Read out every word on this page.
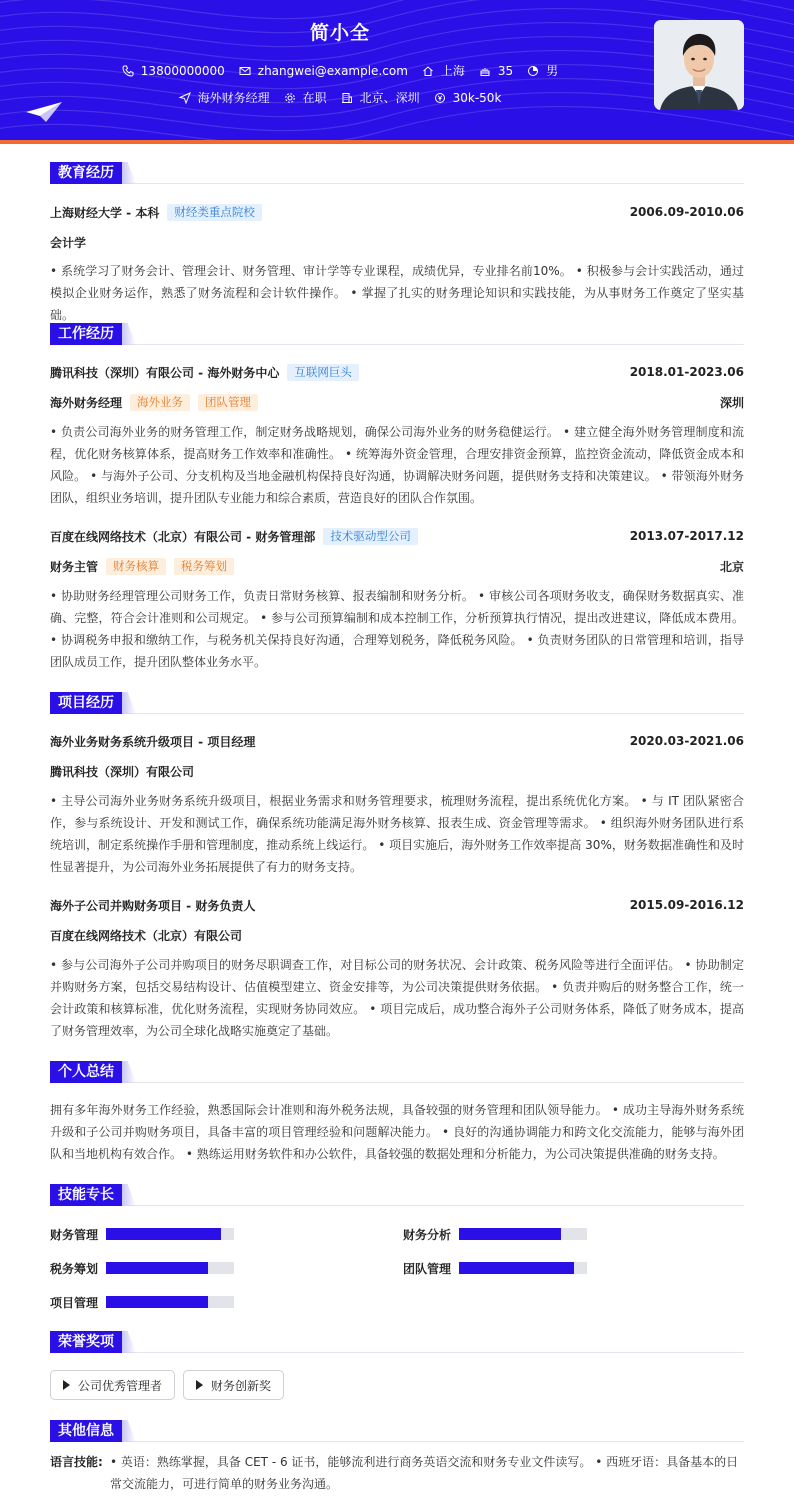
简小全
13800000000	zhangwei@example.com	上海	35	男
海外财务经理	在职	北京、深圳	30k-50k
教育经历
上海财经大学 - 本科	财经类重点院校	2006.09-2010.06
会计学
• 系统学习了财务会计、管理会计、财务管理、审计学等专业课程，成绩优异，专业排名前10%。 • 积极参与会计实践活动，通过模拟企业财务运作，熟悉了财务流程和会计软件操作。 • 掌握了扎实的财务理论知识和实践技能，为从事财务工作奠定了坚实基础。
工作经历
腾讯科技（深圳）有限公司 - 海外财务中心	互联网巨头	2018.01-2023.06
海外财务经理	海外业务	团队管理	深圳
• 负责公司海外业务的财务管理工作，制定财务战略规划，确保公司海外业务的财务稳健运行。 • 建立健全海外财务管理制度和流程，优化财务核算体系，提高财务工作效率和准确性。 • 统筹海外资金管理，合理安排资金预算，监控资金流动，降低资金成本和风险。 • 与海外子公司、分支机构及当地金融机构保持良好沟通，协调解决财务问题，提供财务支持和决策建议。 • 带领海外财务团队，组织业务培训，提升团队专业能力和综合素质，营造良好的团队合作氛围。
百度在线网络技术（北京）有限公司 - 财务管理部	技术驱动型公司	2013.07-2017.12
财务主管	财务核算	税务筹划	北京
• 协助财务经理管理公司财务工作，负责日常财务核算、报表编制和财务分析。 • 审核公司各项财务收支，确保财务数据真实、准确、完整，符合会计准则和公司规定。 • 参与公司预算编制和成本控制工作，分析预算执行情况，提出改进建议，降低成本费用。 • 协调税务申报和缴纳工作，与税务机关保持良好沟通，合理筹划税务，降低税务风险。 • 负责财务团队的日常管理和培训，指导团队成员工作，提升团队整体业务水平。
项目经历
海外业务财务系统升级项目 - 项目经理	2020.03-2021.06
腾讯科技（深圳）有限公司
• 主导公司海外业务财务系统升级项目，根据业务需求和财务管理要求，梳理财务流程，提出系统优化方案。 • 与 IT 团队紧密合作，参与系统设计、开发和测试工作，确保系统功能满足海外财务核算、报表生成、资金管理等需求。 • 组织海外财务团队进行系统培训，制定系统操作手册和管理制度，推动系统上线运行。 • 项目实施后，海外财务工作效率提高 30%，财务数据准确性和及时性显著提升，为公司海外业务拓展提供了有力的财务支持。
海外子公司并购财务项目 - 财务负责人	2015.09-2016.12
百度在线网络技术（北京）有限公司
• 参与公司海外子公司并购项目的财务尽职调查工作，对目标公司的财务状况、会计政策、税务风险等进行全面评估。 • 协助制定并购财务方案，包括交易结构设计、估值模型建立、资金安排等，为公司决策提供财务依据。 • 负责并购后的财务整合工作，统一会计政策和核算标准，优化财务流程，实现财务协同效应。 • 项目完成后，成功整合海外子公司财务体系，降低了财务成本，提高了财务管理效率，为公司全球化战略实施奠定了基础。
个人总结
拥有多年海外财务工作经验，熟悉国际会计准则和海外税务法规，具备较强的财务管理和团队领导能力。 • 成功主导海外财务系统升级和子公司并购财务项目，具备丰富的项目管理经验和问题解决能力。 • 良好的沟通协调能力和跨文化交流能力，能够与海外团队和当地机构有效合作。 • 熟练运用财务软件和办公软件，具备较强的数据处理和分析能力，为公司决策提供准确的财务支持。
技能专长
财务管理	财务分析
税务筹划	团队管理
项目管理
荣誉奖项
公司优秀管理者	财务创新奖
其他信息
语言技能: • 英语：熟练掌握，具备 CET - 6 证书，能够流利进行商务英语交流和财务专业文件读写。 • 西班牙语：具备基本的日常交流能力，可进行简单的财务业务沟通。
